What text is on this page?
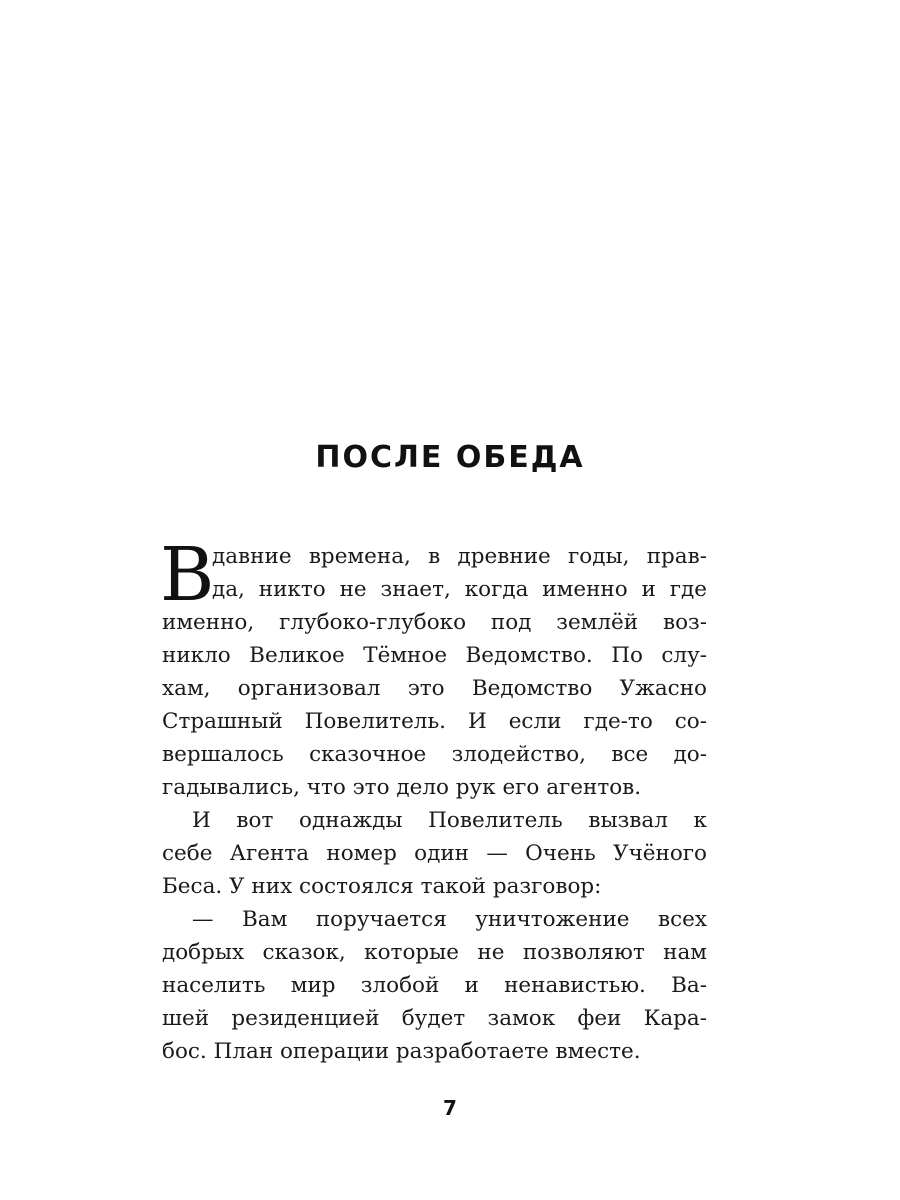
ПОСЛЕ ОБЕДА
В
давние времена, в древние годы, прав-
да, никто не знает, когда именно и где
именно, глубоко-глубоко под землёй воз-
никло Великое Тёмное Ведомство. По слу-
хам, организовал это Ведомство Ужасно
Страшный Повелитель. И если где-то со-
вершалось сказочное злодейство, все до-
гадывались, что это дело рук его агентов.
И вот однажды Повелитель вызвал к
себе Агента номер один — Очень Учёного
Беса. У них состоялся такой разговор:
— Вам поручается уничтожение всех
добрых сказок, которые не позволяют нам
населить мир злобой и ненавистью. Ва-
шей резиденцией будет замок феи Кара-
бос. План операции разработаете вместе.
7
